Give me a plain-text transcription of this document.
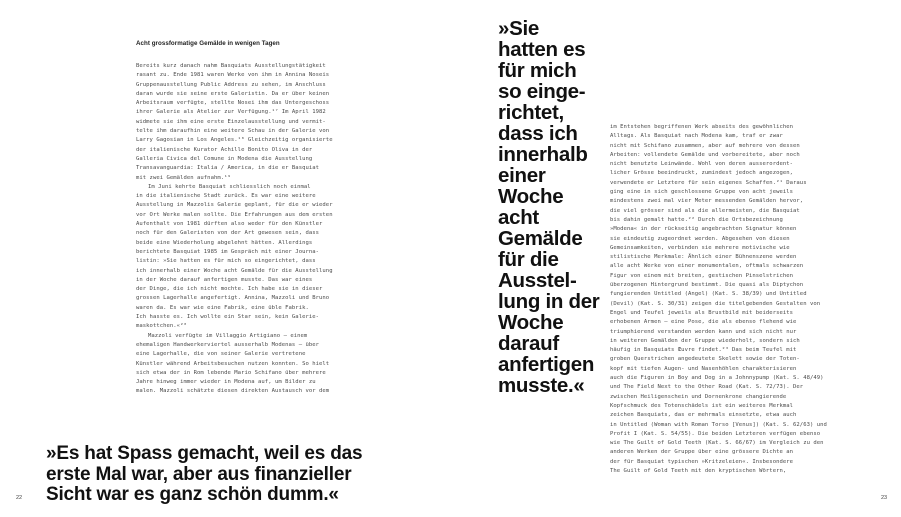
Acht grossformatige Gemälde in wenigen Tagen
Bereits kurz danach nahm Basquiats Ausstellungstätigkeit
rasant zu. Ende 1981 waren Werke von ihm in Annina Noseis
Gruppenausstellung Public Address zu sehen, im Anschluss
daran wurde sie seine erste Galeristin. Da er über keinen
Arbeitsraum verfügte, stellte Nosei ihm das Untergeschoss
ihrer Galerie als Atelier zur Verfügung.¹⁷ Im April 1982
widmete sie ihm eine erste Einzelausstellung und vermit-
telte ihm daraufhin eine weitere Schau in der Galerie von
Larry Gagosian in Los Angeles.¹⁸ Gleichzeitig organisierte
der italienische Kurator Achille Bonito Oliva in der
Galleria Civica del Comune in Modena die Ausstellung
Transavanguardia: Italia / America, in die er Basquiat
mit zwei Gemälden aufnahm.¹⁹
Im Juni kehrte Basquiat schliesslich noch einmal
in die italienische Stadt zurück. Es war eine weitere
Ausstellung in Mazzolis Galerie geplant, für die er wieder
vor Ort Werke malen sollte. Die Erfahrungen aus dem ersten
Aufenthalt von 1981 dürften also weder für den Künstler
noch für den Galeristen von der Art gewesen sein, dass
beide eine Wiederholung abgelehnt hätten. Allerdings
berichtete Basquiat 1985 im Gespräch mit einer Journa-
listin: »Sie hatten es für mich so eingerichtet, dass
ich innerhalb einer Woche acht Gemälde für die Ausstellung
in der Woche darauf anfertigen musste. Das war eines
der Dinge, die ich nicht mochte. Ich habe sie in dieser
grossen Lagerhalle angefertigt. Annina, Mazzoli und Bruno
waren da. Es war wie eine Fabrik, eine üble Fabrik.
Ich hasste es. Ich wollte ein Star sein, kein Galerie-
maskottchen.«²⁰
Mazzoli verfügte im Villaggio Artigiano – einem
ehemaligen Handwerkerviertel ausserhalb Modenas – über
eine Lagerhalle, die von seiner Galerie vertretene
Künstler während Arbeitsbesuchen nutzen konnten. So hielt
sich etwa der in Rom lebende Mario Schifano über mehrere
Jahre hinweg immer wieder in Modena auf, um Bilder zu
malen. Mazzoli schätzte diesen direkten Austausch vor dem
»Es hat Spass gemacht, weil es das
erste Mal war, aber aus finanzieller
Sicht war es ganz schön dumm.«
22
»Sie
hatten es
für mich
so einge-
richtet,
dass ich
innerhalb
einer
Woche
acht
Gemälde
für die
Ausstel-
lung in der
Woche
darauf
anfertigen
musste.«
im Entstehen begriffenen Werk abseits des gewöhnlichen
Alltags. Als Basquiat nach Modena kam, traf er zwar
nicht mit Schifano zusammen, aber auf mehrere von dessen
Arbeiten: vollendete Gemälde und vorbereitete, aber noch
nicht benutzte Leinwände. Wohl von deren ausserordent-
licher Grösse beeindruckt, zumindest jedoch angezogen,
verwendete er Letztere für sein eigenes Schaffen.²¹ Daraus
ging eine in sich geschlossene Gruppe von acht jeweils
mindestens zwei mal vier Meter messenden Gemälden hervor,
die viel grösser sind als die allermeisten, die Basquiat
bis dahin gemalt hatte.²² Durch die Ortsbezeichnung
»Modena« in der rückseitig angebrachten Signatur können
sie eindeutig zugeordnet werden. Abgesehen von diesen
Gemeinsamkeiten, verbinden sie mehrere motivische wie
stilistische Merkmale: Ähnlich einer Bühnenszene werden
alle acht Werke von einer monumentalen, oftmals schwarzen
Figur von einem mit breiten, gestischen Pinselstrichen
überzogenen Hintergrund bestimmt. Die quasi als Diptychon
fungierenden Untitled (Angel) (Kat. S. 38/39) und Untitled
(Devil) (Kat. S. 30/31) zeigen die titelgebenden Gestalten von
Engel und Teufel jeweils als Brustbild mit beiderseits
erhobenen Armen – eine Pose, die als ebenso flehend wie
triumphierend verstanden werden kann und sich nicht nur
in weiteren Gemälden der Gruppe wiederholt, sondern sich
häufig in Basquiats Œuvre findet.²³ Das beim Teufel mit
groben Querstrichen angedeutete Skelett sowie der Toten-
kopf mit tiefen Augen- und Nasenhöhlen charakterisieren
auch die Figuren in Boy and Dog in a Johnnypump (Kat. S. 48/49)
und The Field Next to the Other Road (Kat. S. 72/73). Der
zwischen Heiligenschein und Dornenkrone changierende
Kopfschmuck des Totenschädels ist ein weiteres Merkmal
zeichen Basquiats, das er mehrmals einsetzte, etwa auch
in Untitled (Woman with Roman Torso [Venus]) (Kat. S. 62/63) und
Profit I (Kat. S. 54/55). Die beiden Letzteren verfügen ebenso
wie The Guilt of Gold Teeth (Kat. S. 66/67) im Vergleich zu den
anderen Werken der Gruppe über eine grössere Dichte an
der für Basquiat typischen »Kritzeleien«. Insbesondere
The Guilt of Gold Teeth mit den kryptischen Wörtern,
23
